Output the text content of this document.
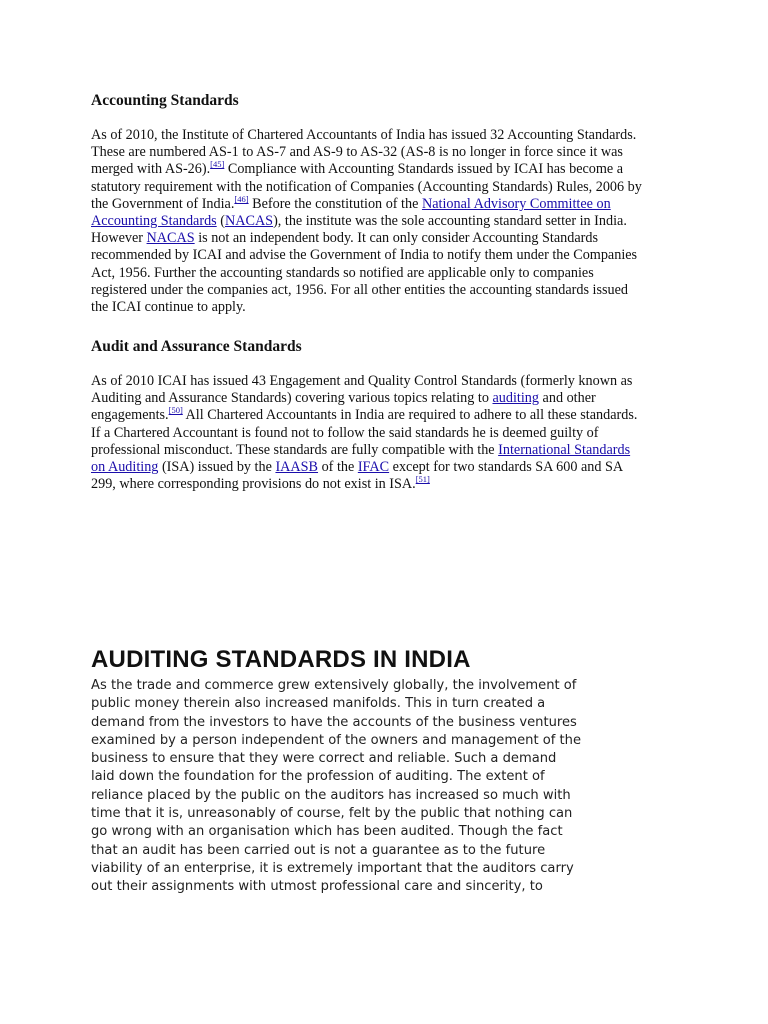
Accounting Standards

As of 2010, the Institute of Chartered Accountants of India has issued 32 Accounting Standards.
These are numbered AS-1 to AS-7 and AS-9 to AS-32 (AS-8 is no longer in force since it was
merged with AS-26).[45] Compliance with Accounting Standards issued by ICAI has become a
statutory requirement with the notification of Companies (Accounting Standards) Rules, 2006 by
the Government of India.[46] Before the constitution of the National Advisory Committee on
Accounting Standards (NACAS), the institute was the sole accounting standard setter in India.
However NACAS is not an independent body. It can only consider Accounting Standards
recommended by ICAI and advise the Government of India to notify them under the Companies
Act, 1956. Further the accounting standards so notified are applicable only to companies
registered under the companies act, 1956. For all other entities the accounting standards issued
the ICAI continue to apply.

Audit and Assurance Standards

As of 2010 ICAI has issued 43 Engagement and Quality Control Standards (formerly known as
Auditing and Assurance Standards) covering various topics relating to auditing and other
engagements.[50] All Chartered Accountants in India are required to adhere to all these standards.
If a Chartered Accountant is found not to follow the said standards he is deemed guilty of
professional misconduct. These standards are fully compatible with the International Standards
on Auditing (ISA) issued by the IAASB of the IFAC except for two standards SA 600 and SA
299, where corresponding provisions do not exist in ISA.[51]

AUDITING STANDARDS IN INDIA

As the trade and commerce grew extensively globally, the involvement of
public money therein also increased manifolds. This in turn created a
demand from the investors to have the accounts of the business ventures
examined by a person independent of the owners and management of the
business to ensure that they were correct and reliable. Such a demand
laid down the foundation for the profession of auditing. The extent of
reliance placed by the public on the auditors has increased so much with
time that it is, unreasonably of course, felt by the public that nothing can
go wrong with an organisation which has been audited. Though the fact
that an audit has been carried out is not a guarantee as to the future
viability of an enterprise, it is extremely important that the auditors carry
out their assignments with utmost professional care and sincerity, to
